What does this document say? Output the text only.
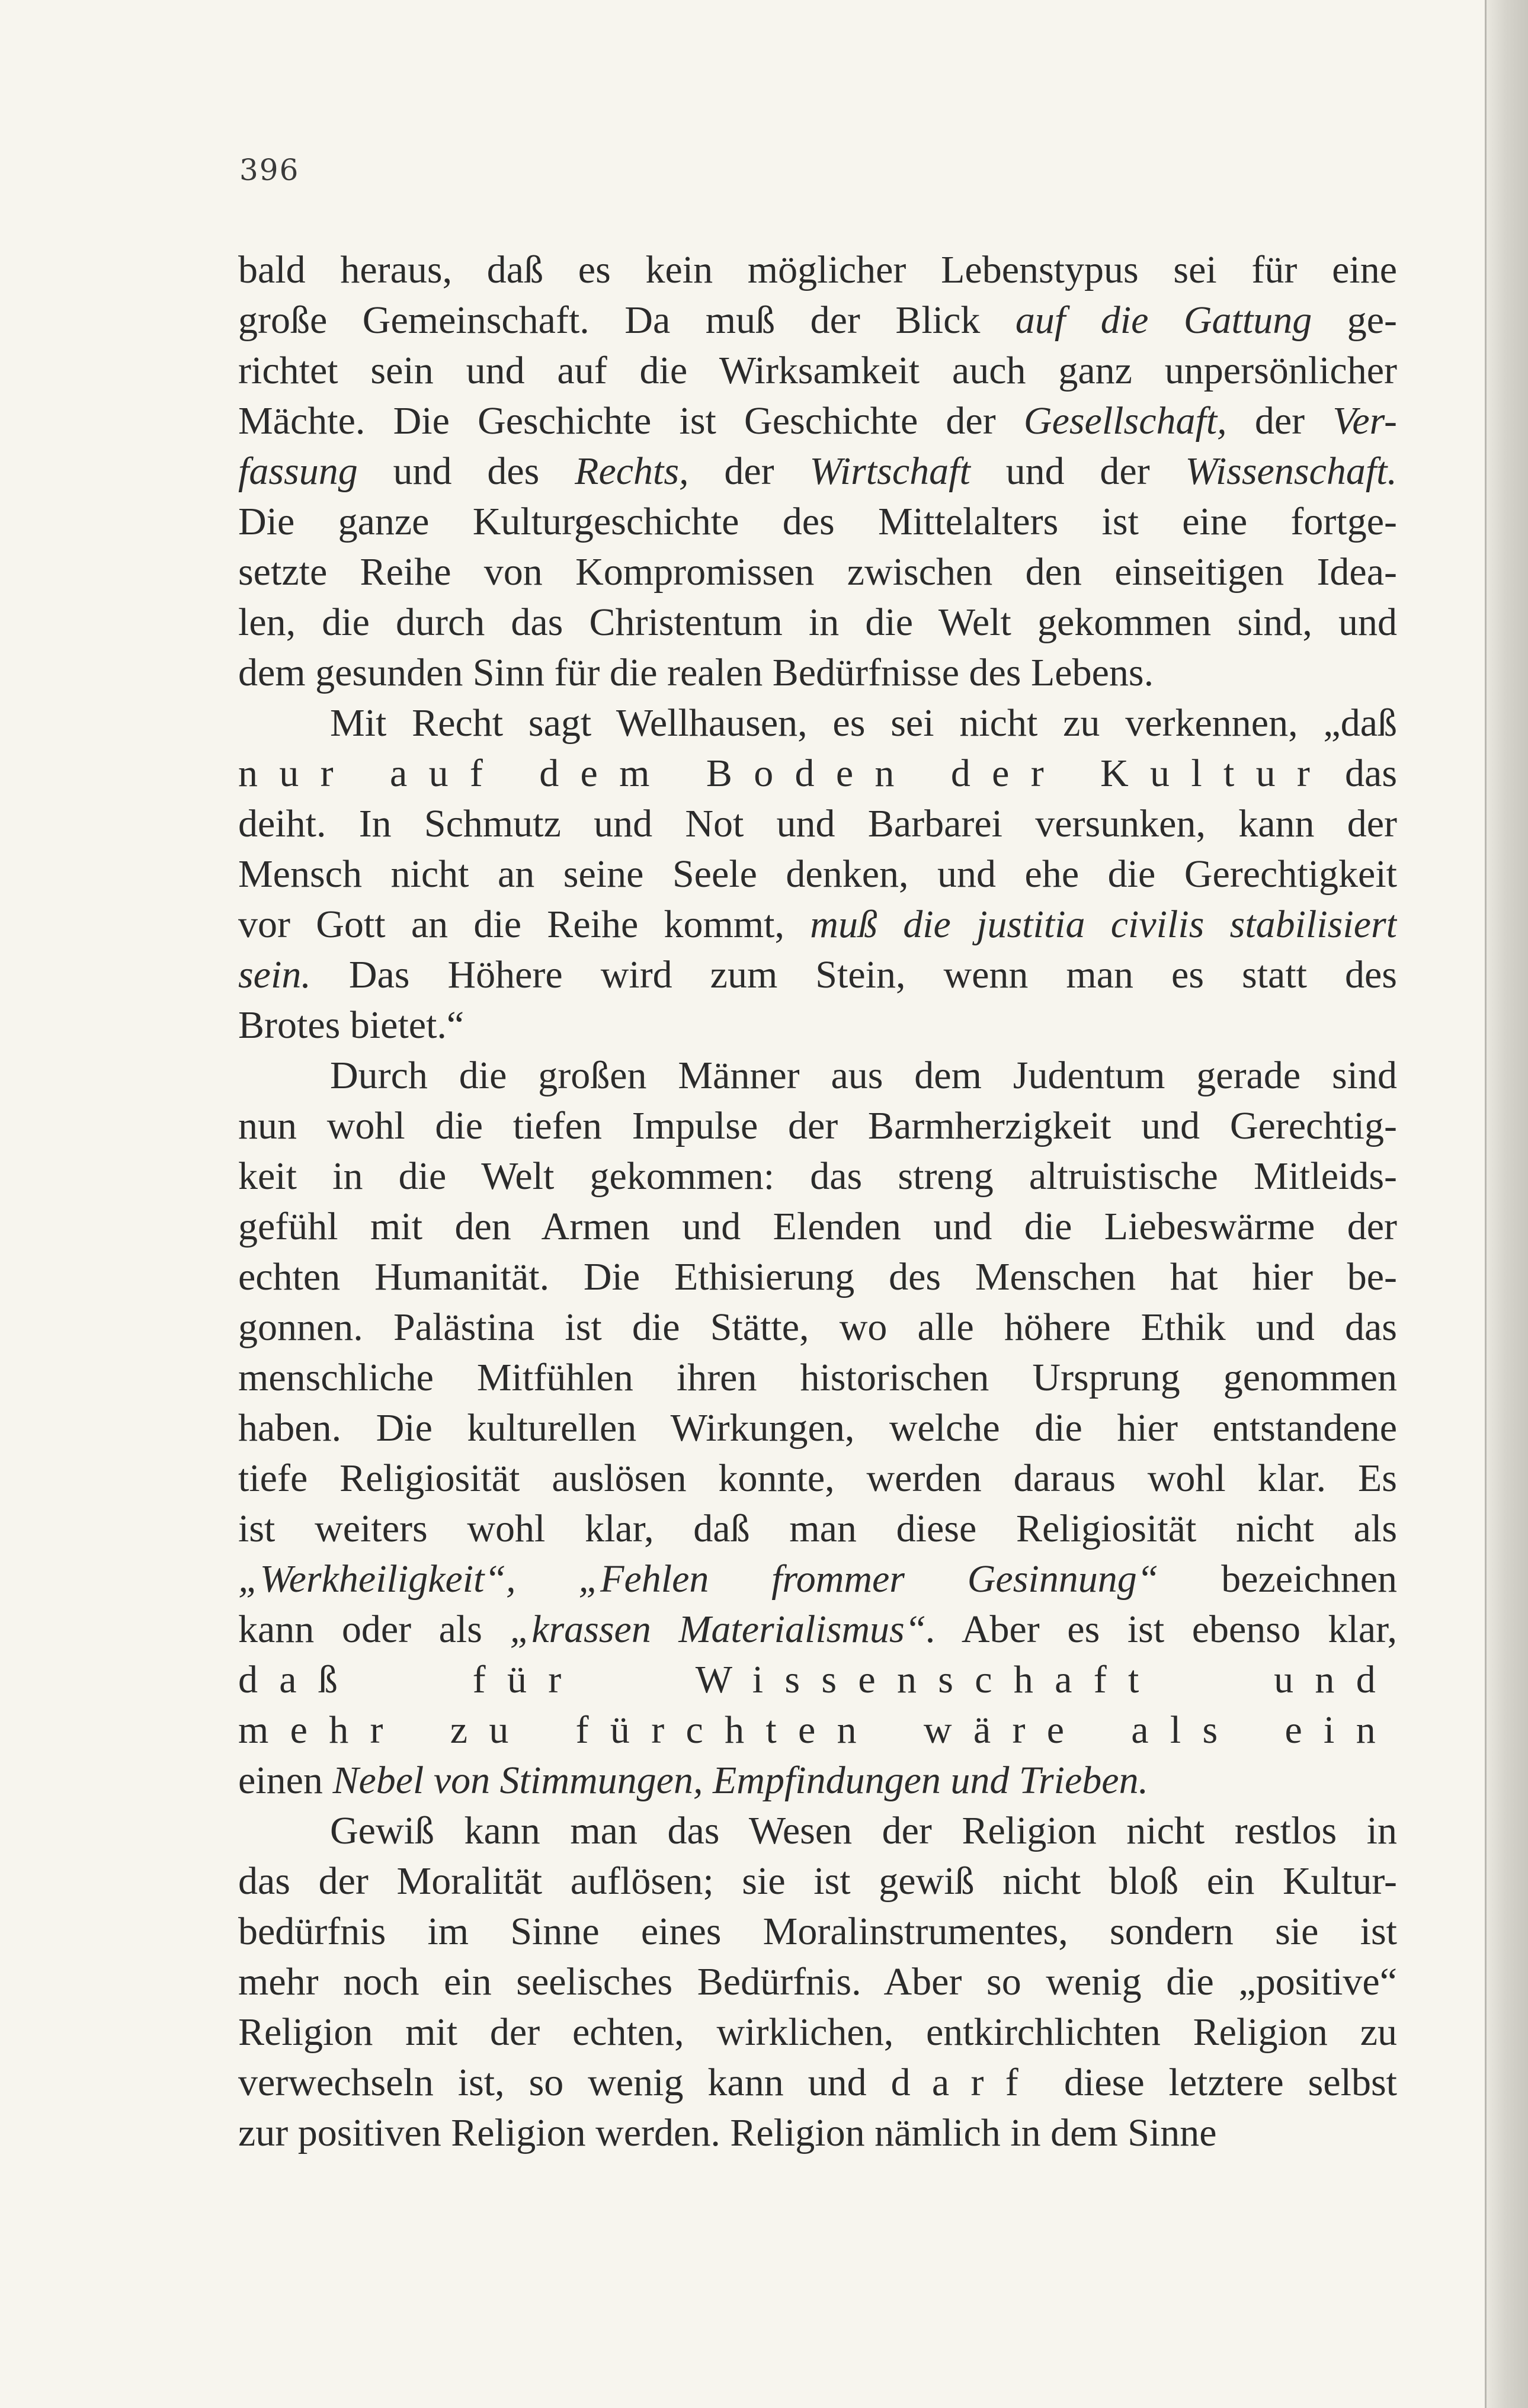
396

bald heraus, daß es kein möglicher Lebenstypus sei für eine
große Gemeinschaft. Da muß der Blick auf die Gattung ge-
richtet sein und auf die Wirksamkeit auch ganz unpersönlicher
Mächte. Die Geschichte ist Geschichte der Gesellschaft, der Ver-
fassung und des Rechts, der Wirtschaft und der Wissenschaft.
Die ganze Kulturgeschichte des Mittelalters ist eine fortge-
setzte Reihe von Kompromissen zwischen den einseitigen Idea-
len, die durch das Christentum in die Welt gekommen sind, und
dem gesunden Sinn für die realen Bedürfnisse des Lebens.

Mit Recht sagt Wellhausen, es sei nicht zu verkennen, „daß
nur auf dem Boden der Kultur das
deiht. In Schmutz und Not und Barbarei versunken, kann der
Mensch nicht an seine Seele denken, und ehe die Gerechtigkeit
vor Gott an die Reihe kommt, muß die justitia civilis stabilisiert
sein. Das Höhere wird zum Stein, wenn man es statt des
Brotes bietet.“

Durch die großen Männer aus dem Judentum gerade sind
nun wohl die tiefen Impulse der Barmherzigkeit und Gerechtig-
keit in die Welt gekommen: das streng altruistische Mitleids-
gefühl mit den Armen und Elenden und die Liebeswärme der
echten Humanität. Die Ethisierung des Menschen hat hier be-
gonnen. Palästina ist die Stätte, wo alle höhere Ethik und das
menschliche Mitfühlen ihren historischen Ursprung genommen
haben. Die kulturellen Wirkungen, welche die hier entstandene
tiefe Religiosität auslösen konnte, werden daraus wohl klar. Es
ist weiters wohl klar, daß man diese Religiosität nicht als
„Werkheiligkeit“, „Fehlen frommer Gesinnung“ bezeichnen
kann oder als „krassen Materialismus“. Aber es ist ebenso klar,
daß für Wissenschaft und
mehr zu fürchten wäre als ein
einen Nebel von Stimmungen, Empfindungen und Trieben.

Gewiß kann man das Wesen der Religion nicht restlos in
das der Moralität auflösen; sie ist gewiß nicht bloß ein Kultur-
bedürfnis im Sinne eines Moralinstrumentes, sondern sie ist
mehr noch ein seelisches Bedürfnis. Aber so wenig die „positive“
Religion mit der echten, wirklichen, entkirchlichten Religion zu
verwechseln ist, so wenig kann und darf diese letztere selbst
zur positiven Religion werden. Religion nämlich in dem Sinne
